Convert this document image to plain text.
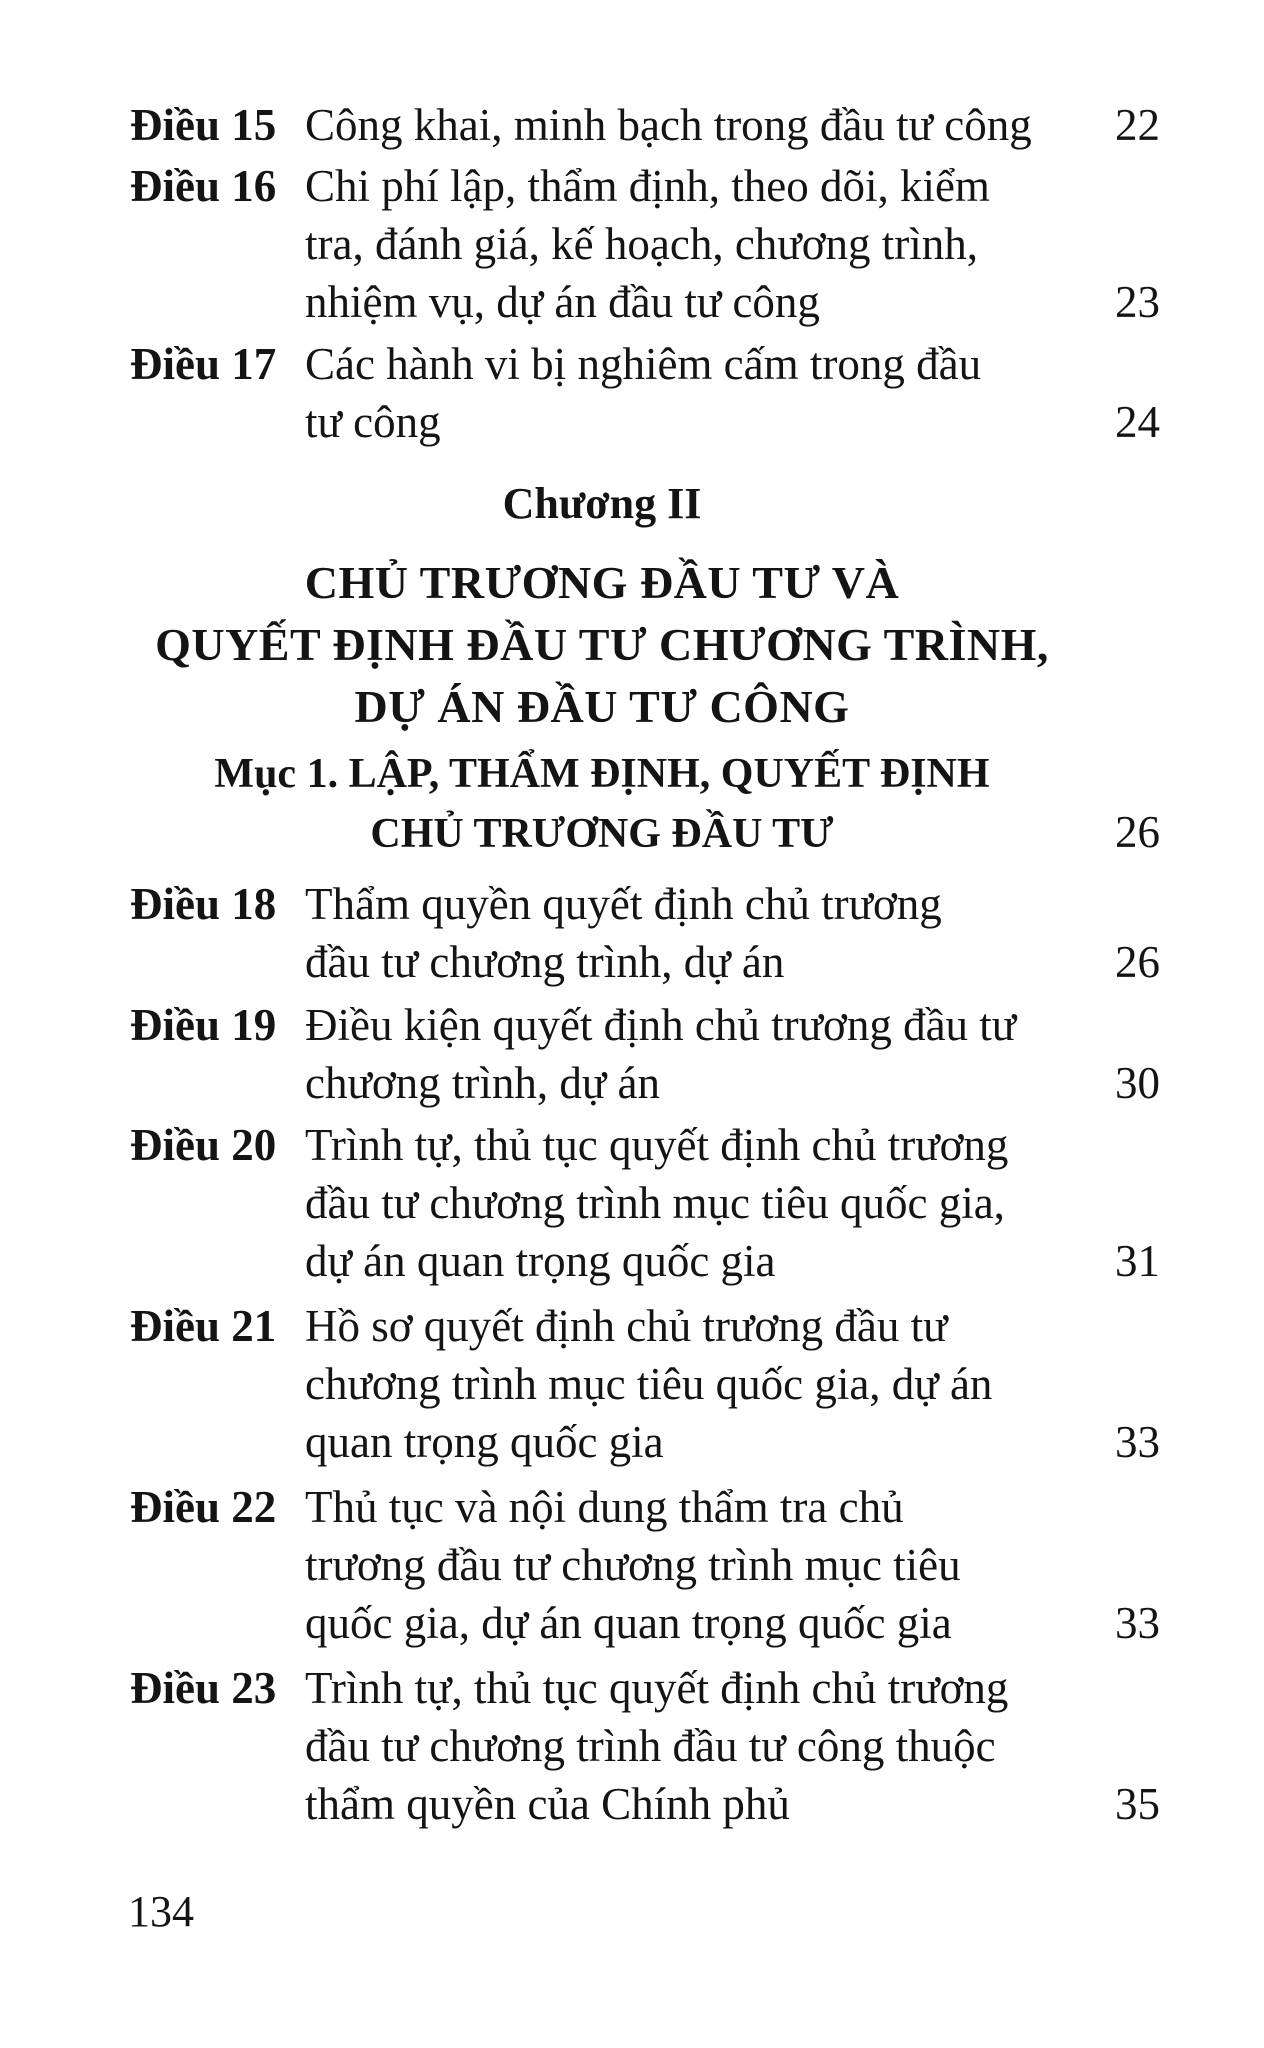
Điều 15 Công khai, minh bạch trong đầu tư công	22
Điều 16 Chi phí lập, thẩm định, theo dõi, kiểm
tra, đánh giá, kế hoạch, chương trình,
nhiệm vụ, dự án đầu tư công	23
Điều 17 Các hành vi bị nghiêm cấm trong đầu
tư công	24
Chương II
CHỦ TRƯƠNG ĐẦU TƯ VÀ
QUYẾT ĐỊNH ĐẦU TƯ CHƯƠNG TRÌNH,
DỰ ÁN ĐẦU TƯ CÔNG
Mục 1. LẬP, THẨM ĐỊNH, QUYẾT ĐỊNH
CHỦ TRƯƠNG ĐẦU TƯ	26
Điều 18 Thẩm quyền quyết định chủ trương
đầu tư chương trình, dự án	26
Điều 19 Điều kiện quyết định chủ trương đầu tư
chương trình, dự án	30
Điều 20 Trình tự, thủ tục quyết định chủ trương
đầu tư chương trình mục tiêu quốc gia,
dự án quan trọng quốc gia	31
Điều 21 Hồ sơ quyết định chủ trương đầu tư
chương trình mục tiêu quốc gia, dự án
quan trọng quốc gia	33
Điều 22 Thủ tục và nội dung thẩm tra chủ
trương đầu tư chương trình mục tiêu
quốc gia, dự án quan trọng quốc gia	33
Điều 23 Trình tự, thủ tục quyết định chủ trương
đầu tư chương trình đầu tư công thuộc
thẩm quyền của Chính phủ	35
134
